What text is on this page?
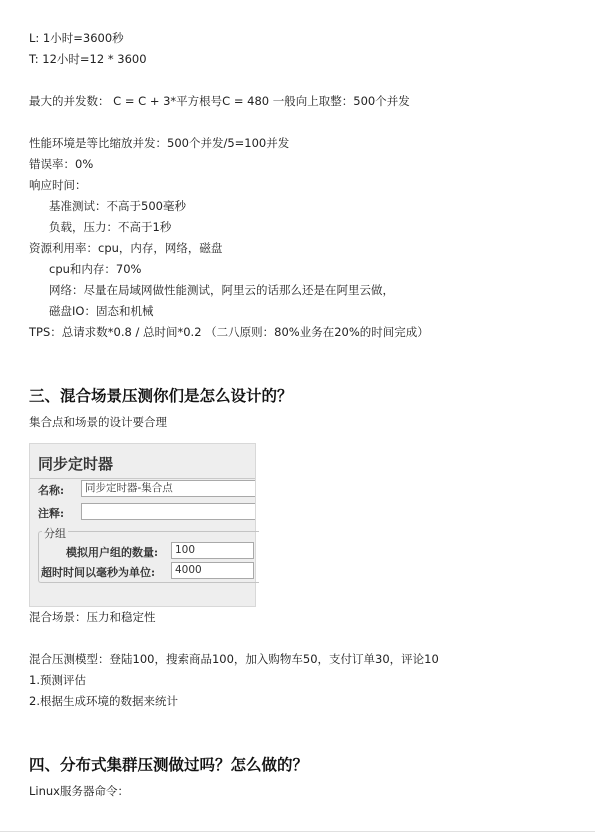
L: 1小时=3600秒
T: 12小时=12 * 3600
最大的并发数： C = C + 3*平方根号C = 480 一般向上取整：500个并发
性能环境是等比缩放并发：500个并发/5=100并发
错误率：0%
响应时间：
基准测试：不高于500毫秒
负载，压力：不高于1秒
资源利用率：cpu，内存，网络，磁盘
cpu和内存：70%
网络：尽量在局域网做性能测试，阿里云的话那么还是在阿里云做，
磁盘IO：固态和机械
TPS：总请求数*0.8 / 总时间*0.2 （二八原则：80%业务在20%的时间完成）
三、混合场景压测你们是怎么设计的？
集合点和场景的设计要合理
同步定时器
名称:	同步定时器-集合点
注释:
分组
模拟用户组的数量:	100
超时时间以毫秒为单位:	4000
混合场景：压力和稳定性
混合压测模型：登陆100，搜索商品100，加入购物车50，支付订单30，评论10
1.预测评估
2.根据生成环境的数据来统计
四、分布式集群压测做过吗？怎么做的？
Linux服务器命令：
